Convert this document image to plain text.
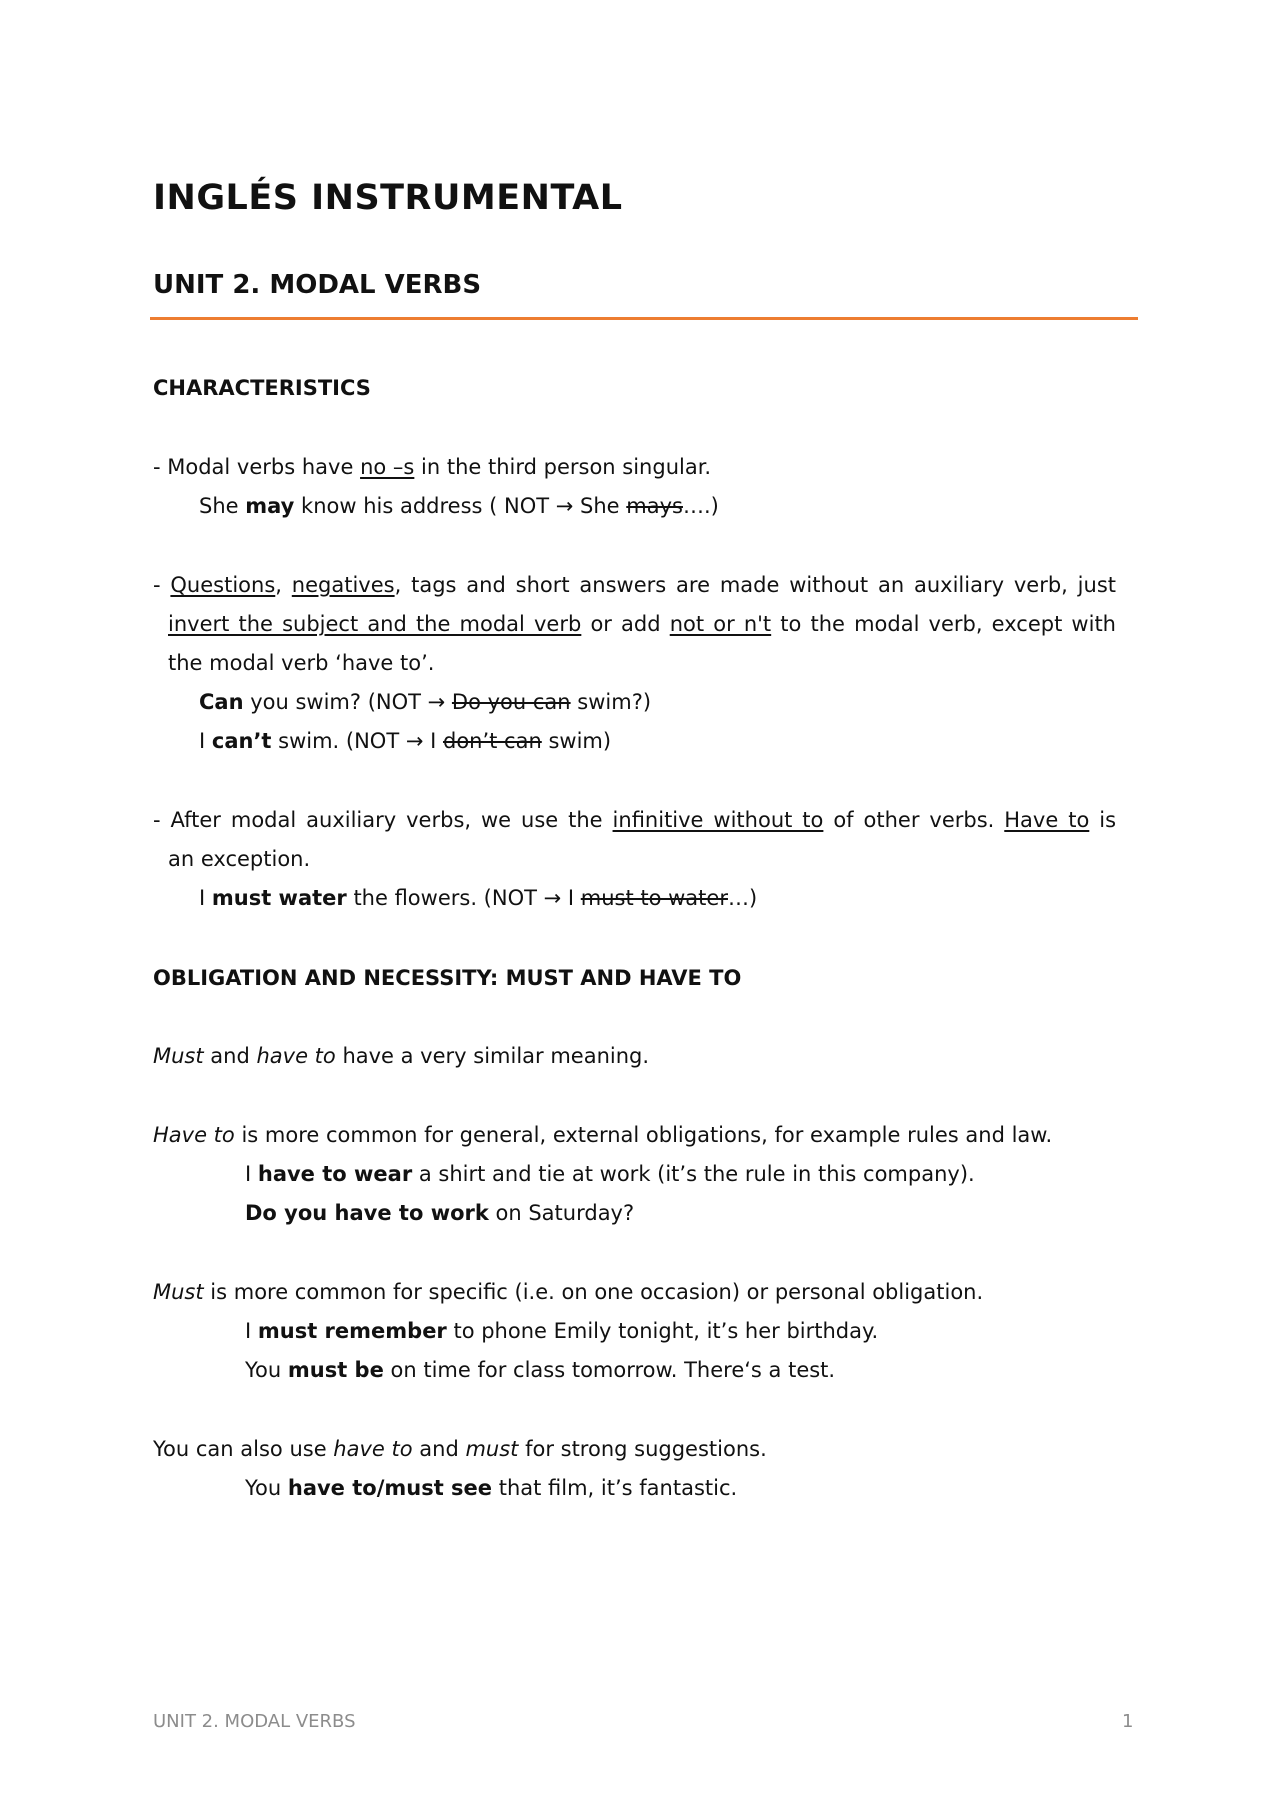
INGLÉS INSTRUMENTAL
UNIT 2. MODAL VERBS
CHARACTERISTICS
- Modal verbs have no –s in the third person singular.
She may know his address ( NOT → She mays….)
- Questions, negatives, tags and short answers are made without an auxiliary verb, just
invert the subject and the modal verb or add not or n't to the modal verb, except with
the modal verb ‘have to’.
Can you swim? (NOT → Do you can swim?)
I can’t swim. (NOT → I don’t can swim)
- After modal auxiliary verbs, we use the infinitive without to of other verbs. Have to is
an exception.
I must water the flowers. (NOT → I must to water…)
OBLIGATION AND NECESSITY: MUST AND HAVE TO
Must and have to have a very similar meaning.
Have to is more common for general, external obligations, for example rules and law.
I have to wear a shirt and tie at work (it’s the rule in this company).
Do you have to work on Saturday?
Must is more common for specific (i.e. on one occasion) or personal obligation.
I must remember to phone Emily tonight, it’s her birthday.
You must be on time for class tomorrow. There‘s a test.
You can also use have to and must for strong suggestions.
You have to/must see that film, it’s fantastic.
UNIT 2. MODAL VERBS	1
